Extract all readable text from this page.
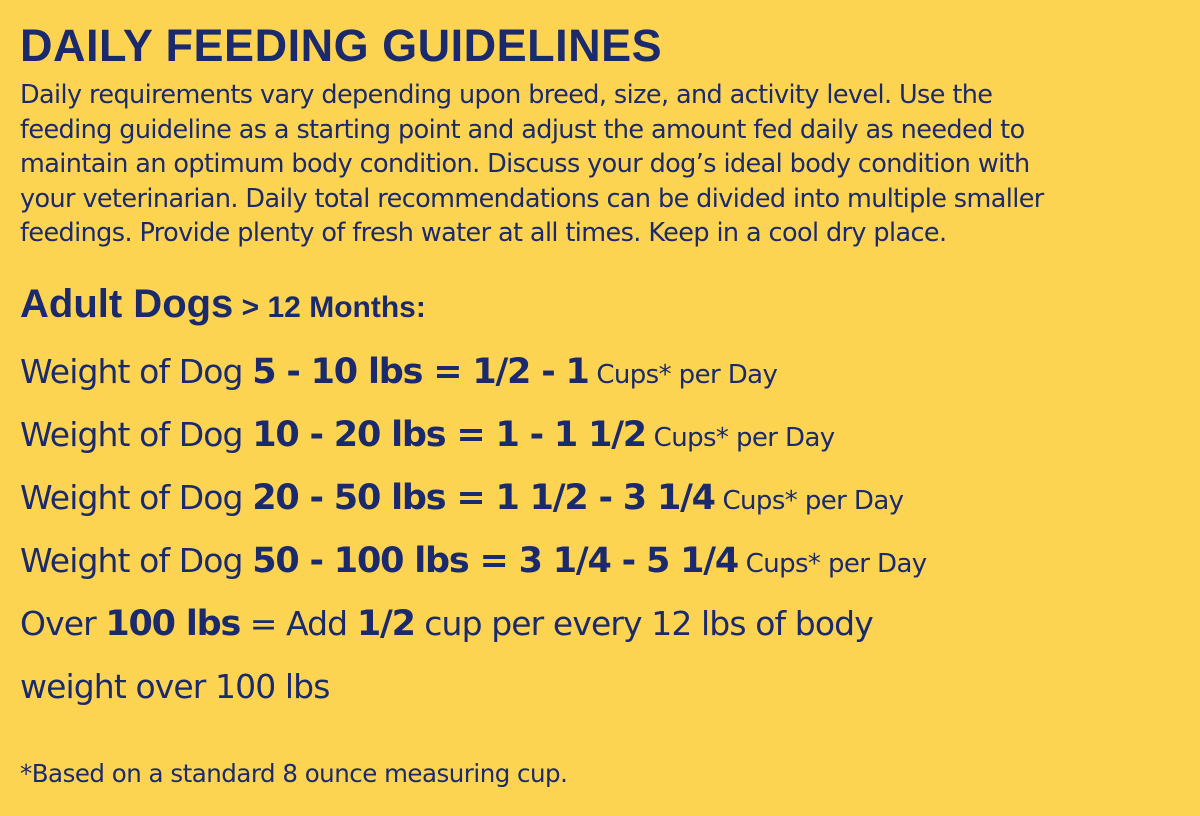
DAILY FEEDING GUIDELINES
Daily requirements vary depending upon breed, size, and activity level. Use the
feeding guideline as a starting point and adjust the amount fed daily as needed to
maintain an optimum body condition. Discuss your dog’s ideal body condition with
your veterinarian. Daily total recommendations can be divided into multiple smaller
feedings. Provide plenty of fresh water at all times. Keep in a cool dry place.
Adult Dogs > 12 Months:
Weight of Dog 5 - 10 lbs = 1/2 - 1 Cups* per Day
Weight of Dog 10 - 20 lbs = 1 - 1 1/2 Cups* per Day
Weight of Dog 20 - 50 lbs = 1 1/2 - 3 1/4 Cups* per Day
Weight of Dog 50 - 100 lbs = 3 1/4 - 5 1/4 Cups* per Day
Over 100 lbs = Add 1/2 cup per every 12 lbs of body
weight over 100 lbs
*Based on a standard 8 ounce measuring cup.
